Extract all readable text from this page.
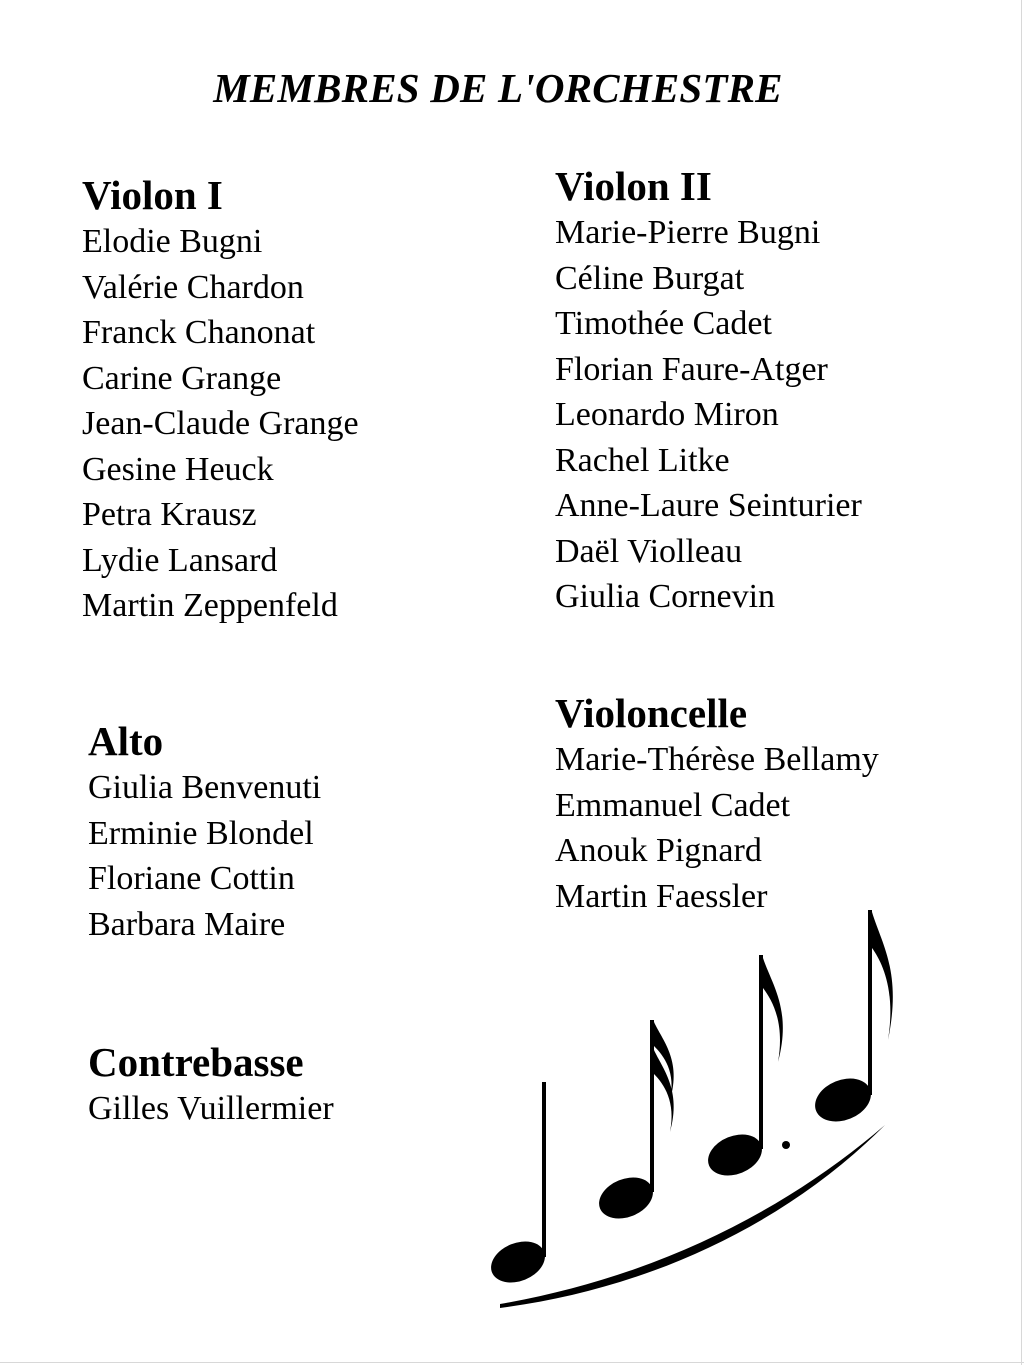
MEMBRES DE L'ORCHESTRE
Violon I
Elodie Bugni
Valérie Chardon
Franck Chanonat
Carine Grange
Jean-Claude Grange
Gesine Heuck
Petra Krausz
Lydie Lansard
Martin Zeppenfeld
Violon II
Marie-Pierre Bugni
Céline Burgat
Timothée Cadet
Florian Faure-Atger
Leonardo Miron
Rachel Litke
Anne-Laure Seinturier
Daël Violleau
Giulia Cornevin
Alto
Giulia Benvenuti
Erminie Blondel
Floriane Cottin
Barbara Maire
Violoncelle
Marie-Thérèse Bellamy
Emmanuel Cadet
Anouk Pignard
Martin Faessler
Contrebasse
Gilles Vuillermier
